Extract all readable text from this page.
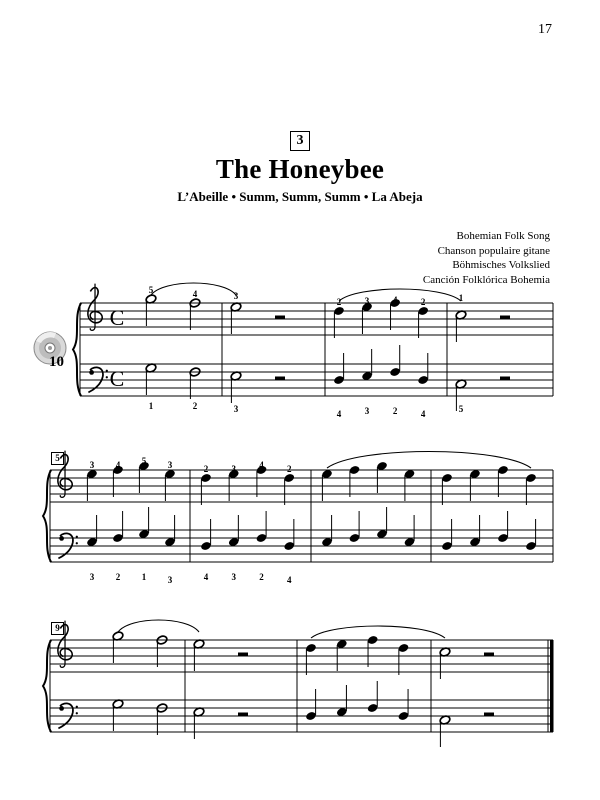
17
3
The Honeybee
L’Abeille • Summ, Summ, Summ • La Abeja
Bohemian Folk Song
Chanson populaire gitane
Böhmisches Volkslied
Canción Folklórica Bohemia
C
C
5	4	3
2	3	4	2	1
1	2	3	4	3	2	4	5
3 4 5 3	2	3	4	2
3 2 1 3	4	3	2	4
10
5
9
